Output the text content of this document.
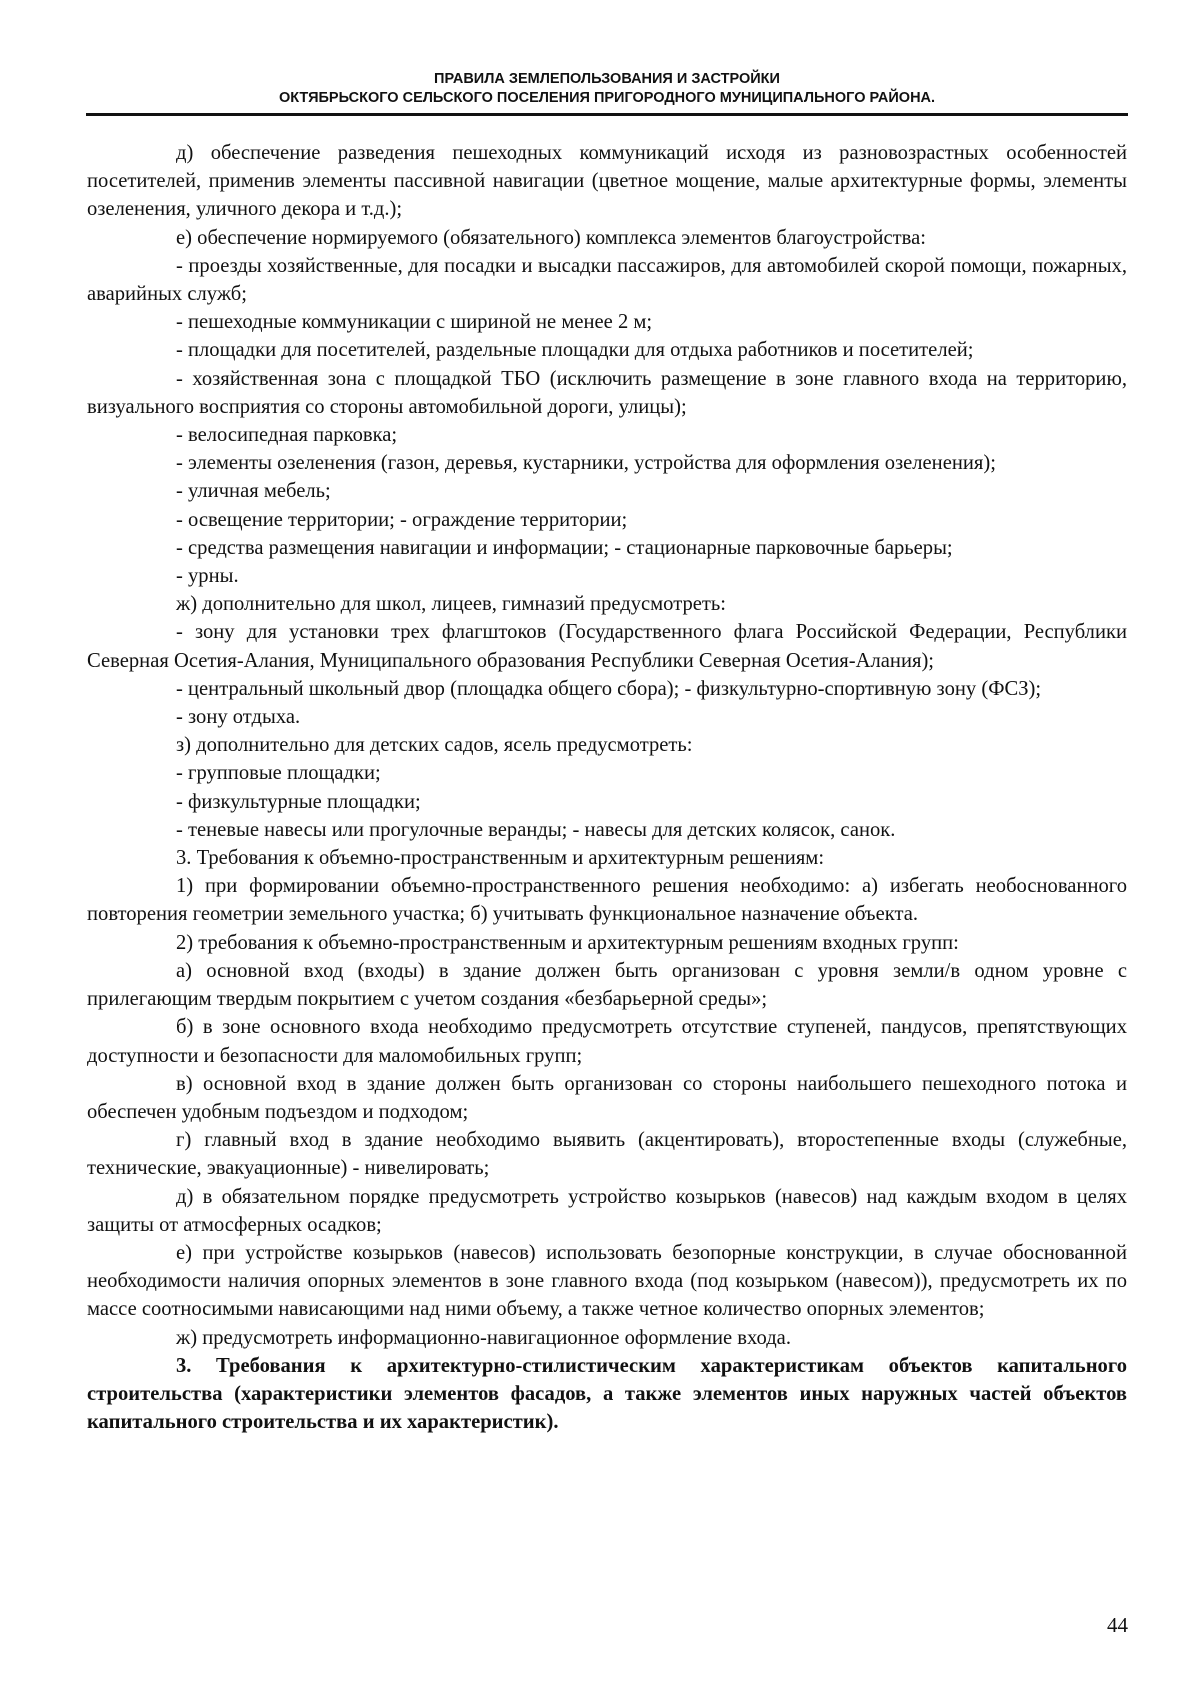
ПРАВИЛА ЗЕМЛЕПОЛЬЗОВАНИЯ И ЗАСТРОЙКИ
ОКТЯБРЬСКОГО СЕЛЬСКОГО ПОСЕЛЕНИЯ ПРИГОРОДНОГО МУНИЦИПАЛЬНОГО РАЙОНА.

д) обеспечение разведения пешеходных коммуникаций исходя из разновозрастных особенностей посетителей, применив элементы пассивной навигации (цветное мощение, малые архитектурные формы, элементы озеленения, уличного декора и т.д.);

е) обеспечение нормируемого (обязательного) комплекса элементов благоустройства:

- проезды хозяйственные, для посадки и высадки пассажиров, для автомобилей скорой помощи, пожарных, аварийных служб;

- пешеходные коммуникации с шириной не менее 2 м;

- площадки для посетителей, раздельные площадки для отдыха работников и посетителей;

- хозяйственная зона с площадкой ТБО (исключить размещение в зоне главного входа на территорию, визуального восприятия со стороны автомобильной дороги, улицы);

- велосипедная парковка;

- элементы озеленения (газон, деревья, кустарники, устройства для оформления озеленения);

- уличная мебель;

- освещение территории; - ограждение территории;

- средства размещения навигации и информации; - стационарные парковочные барьеры;

- урны.

ж) дополнительно для школ, лицеев, гимназий предусмотреть:

- зону для установки трех флагштоков (Государственного флага Российской Федерации, Республики Северная Осетия-Алания, Муниципального образования Республики Северная Осетия-Алания);

- центральный школьный двор (площадка общего сбора); - физкультурно-спортивную зону (ФСЗ);

- зону отдыха.

з) дополнительно для детских садов, ясель предусмотреть:

- групповые площадки;

- физкультурные площадки;

- теневые навесы или прогулочные веранды; - навесы для детских колясок, санок.

3. Требования к объемно-пространственным и архитектурным решениям:

1) при формировании объемно-пространственного решения необходимо: а) избегать необоснованного повторения геометрии земельного участка; б) учитывать функциональное назначение объекта.

2) требования к объемно-пространственным и архитектурным решениям входных групп:

а) основной вход (входы) в здание должен быть организован с уровня земли/в одном уровне с прилегающим твердым покрытием с учетом создания «безбарьерной среды»;

б) в зоне основного входа необходимо предусмотреть отсутствие ступеней, пандусов, препятствующих доступности и безопасности для маломобильных групп;

в) основной вход в здание должен быть организован со стороны наибольшего пешеходного потока и обеспечен удобным подъездом и подходом;

г) главный вход в здание необходимо выявить (акцентировать), второстепенные входы (служебные, технические, эвакуационные) - нивелировать;

д) в обязательном порядке предусмотреть устройство козырьков (навесов) над каждым входом в целях защиты от атмосферных осадков;

е) при устройстве козырьков (навесов) использовать безопорные конструкции, в случае обоснованной необходимости наличия опорных элементов в зоне главного входа (под козырьком (навесом)), предусмотреть их по массе соотносимыми нависающими над ними объему, а также четное количество опорных элементов;

ж) предусмотреть информационно-навигационное оформление входа.

3. Требования к архитектурно-стилистическим характеристикам объектов капитального строительства (характеристики элементов фасадов, а также элементов иных наружных частей объектов капитального строительства и их характеристик).

44
